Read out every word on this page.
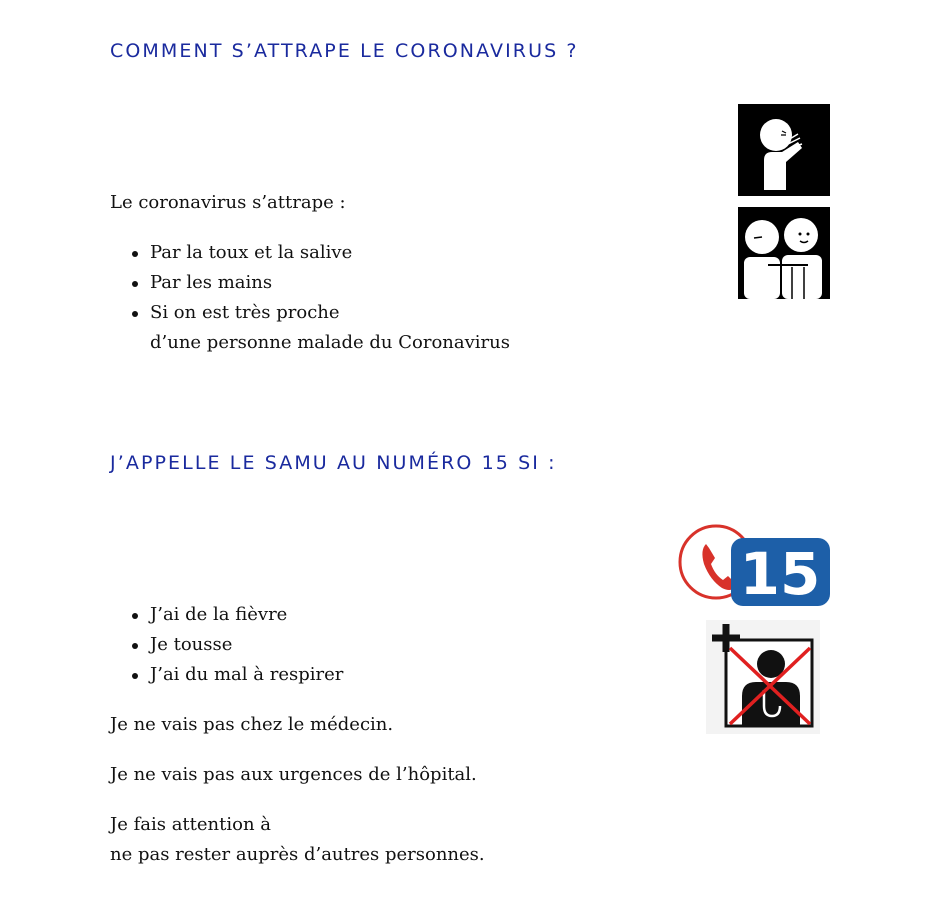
COMMENT S’ATTRAPE LE CORONAVIRUS ?

Le coronavirus s’attrape :

Par la toux et la salive
Par les mains
Si on est très proche
d’une personne malade du Coronavirus
J’APPELLE LE SAMU AU NUMÉRO 15 SI :
J’ai de la fièvre
Je tousse
J’ai du mal à respirer

Je ne vais pas chez le médecin.

Je ne vais pas aux urgences de l’hôpital.

Je fais attention à
ne pas rester auprès d’autres personnes.

15
